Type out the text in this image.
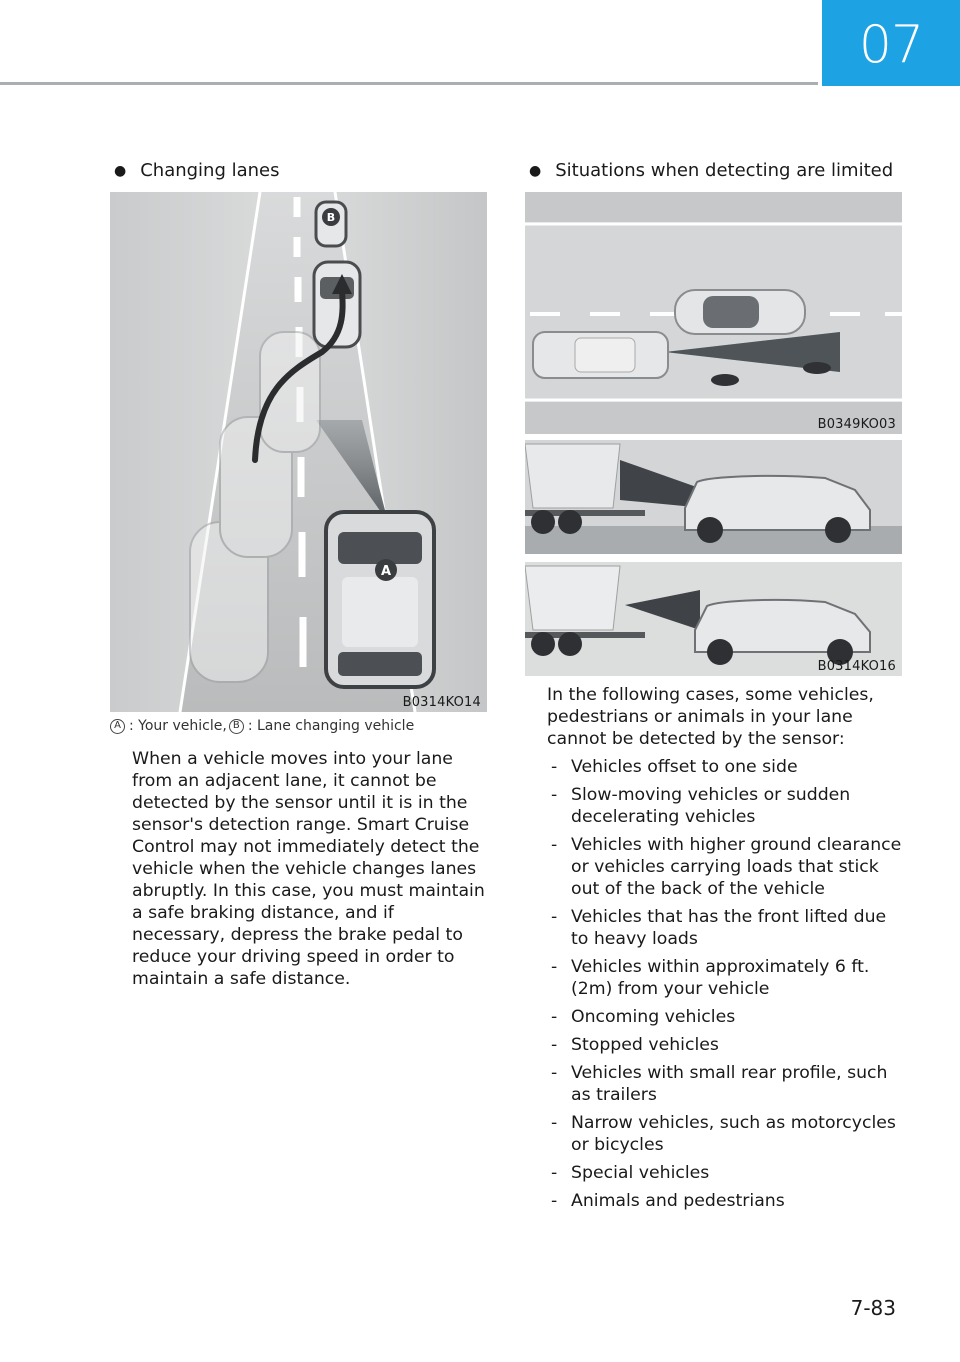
07
● Changing lanes
B
A
B0314KO14
A : Your vehicle, B : Lane changing vehicle

When a vehicle moves into your lane from an adjacent lane, it cannot be detected by the sensor until it is in the sensor's detection range. Smart Cruise Control may not immediately detect the vehicle when the vehicle changes lanes abruptly. In this case, you must maintain a safe braking distance, and if necessary, depress the brake pedal to reduce your driving speed in order to maintain a safe distance.

● Situations when detecting are limited
B0349KO03
B0314KO16

In the following cases, some vehicles, pedestrians or animals in your lane cannot be detected by the sensor:

- Vehicles offset to one side
- Slow-moving vehicles or sudden decelerating vehicles
- Vehicles with higher ground clearance or vehicles carrying loads that stick out of the back of the vehicle
- Vehicles that has the front lifted due to heavy loads
- Vehicles within approximately 6 ft. (2m) from your vehicle
- Oncoming vehicles
- Stopped vehicles
- Vehicles with small rear profile, such as trailers
- Narrow vehicles, such as motorcycles or bicycles
- Special vehicles
- Animals and pedestrians
7-83
